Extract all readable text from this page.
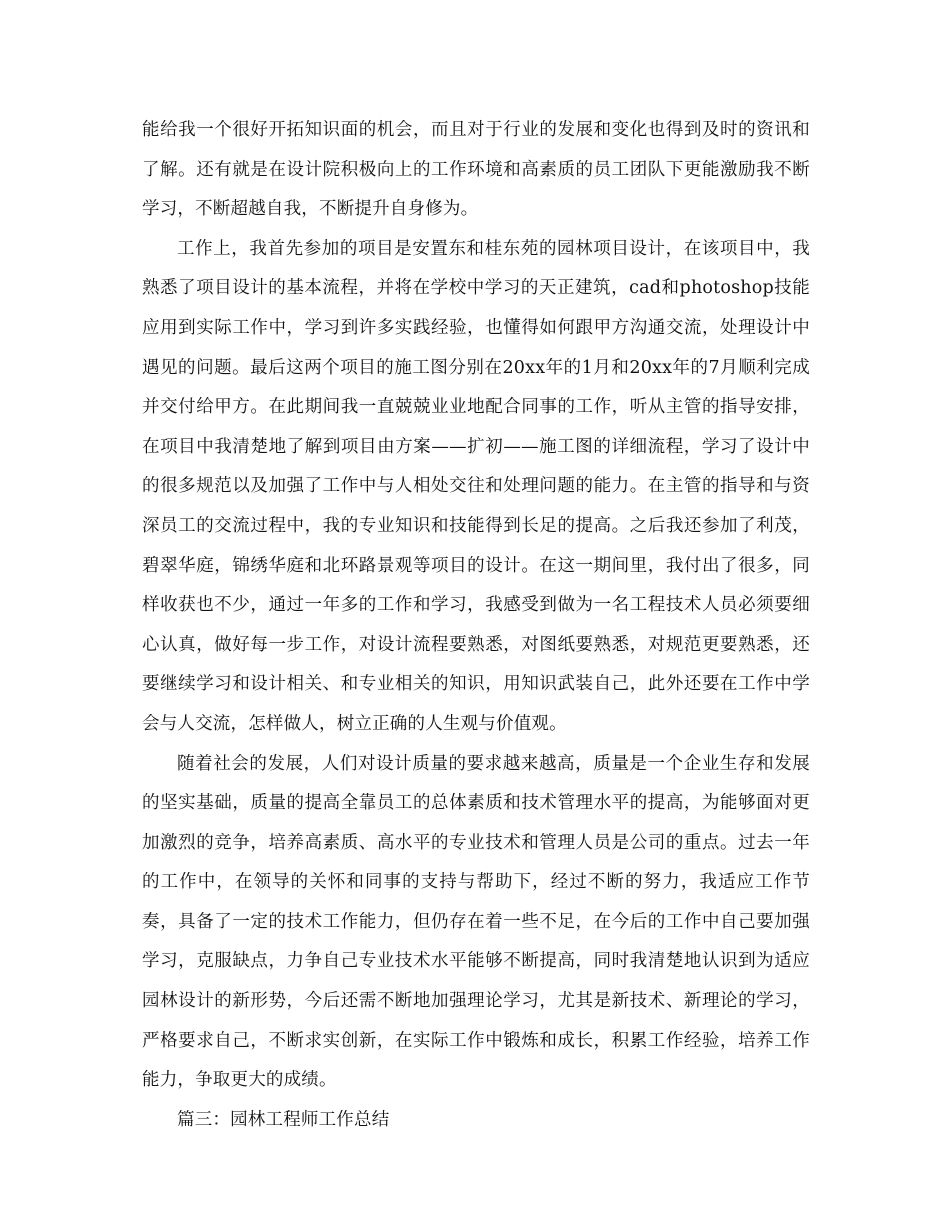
能给我一个很好开拓知识面的机会，而且对于行业的发展和变化也得到及时的资讯和了解。还有就是在设计院积极向上的工作环境和高素质的员工团队下更能激励我不断学习，不断超越自我，不断提升自身修为。

工作上，我首先参加的项目是安置东和桂东苑的园林项目设计，在该项目中，我熟悉了项目设计的基本流程，并将在学校中学习的天正建筑，cad和photoshop技能应用到实际工作中，学习到许多实践经验，也懂得如何跟甲方沟通交流，处理设计中遇见的问题。最后这两个项目的施工图分别在20xx年的1月和20xx年的7月顺利完成并交付给甲方。在此期间我一直兢兢业业地配合同事的工作，听从主管的指导安排，在项目中我清楚地了解到项目由方案——扩初——施工图的详细流程，学习了设计中的很多规范以及加强了工作中与人相处交往和处理问题的能力。在主管的指导和与资深员工的交流过程中，我的专业知识和技能得到长足的提高。之后我还参加了利茂，碧翠华庭，锦绣华庭和北环路景观等项目的设计。在这一期间里，我付出了很多，同样收获也不少，通过一年多的工作和学习，我感受到做为一名工程技术人员必须要细心认真，做好每一步工作，对设计流程要熟悉，对图纸要熟悉，对规范更要熟悉，还要继续学习和设计相关、和专业相关的知识，用知识武装自己，此外还要在工作中学会与人交流，怎样做人，树立正确的人生观与价值观。

随着社会的发展，人们对设计质量的要求越来越高，质量是一个企业生存和发展的坚实基础，质量的提高全靠员工的总体素质和技术管理水平的提高，为能够面对更加激烈的竞争，培养高素质、高水平的专业技术和管理人员是公司的重点。过去一年的工作中，在领导的关怀和同事的支持与帮助下，经过不断的努力，我适应工作节奏，具备了一定的技术工作能力，但仍存在着一些不足，在今后的工作中自己要加强学习，克服缺点，力争自己专业技术水平能够不断提高，同时我清楚地认识到为适应园林设计的新形势，今后还需不断地加强理论学习，尤其是新技术、新理论的学习，严格要求自己，不断求实创新，在实际工作中锻炼和成长，积累工作经验，培养工作能力，争取更大的成绩。

篇三：园林工程师工作总结
